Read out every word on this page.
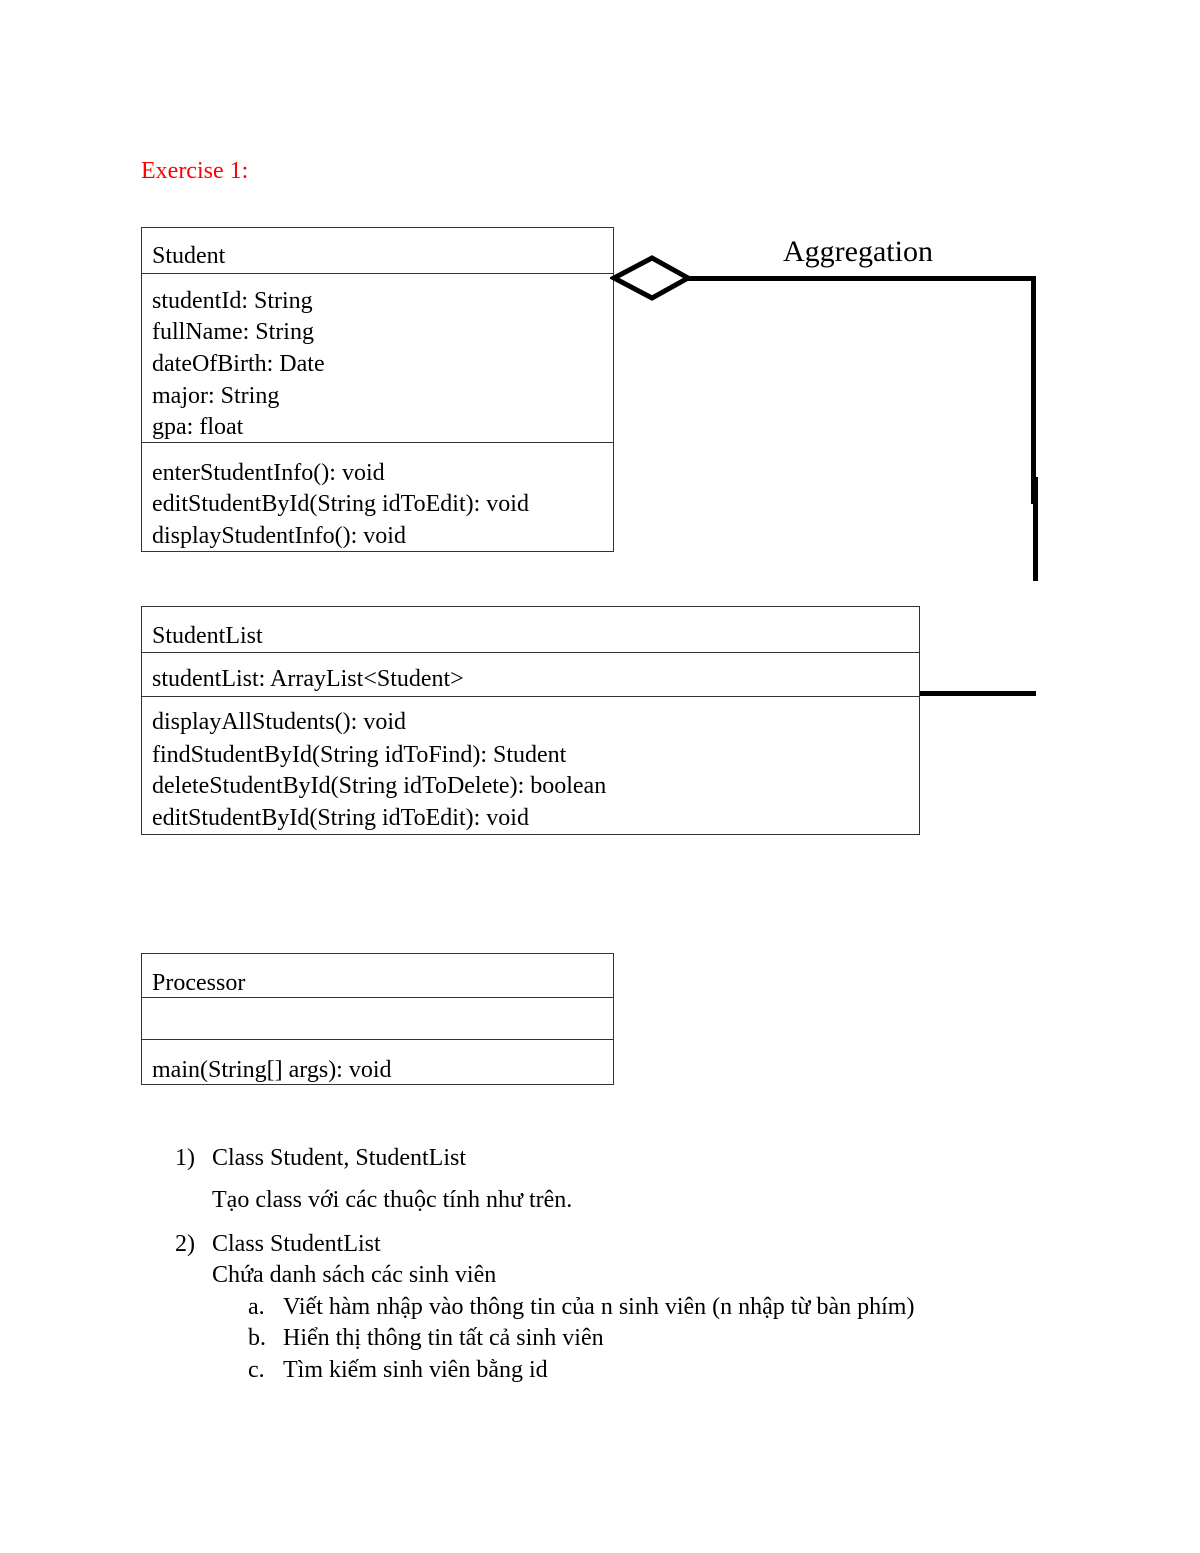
Exercise 1:
Student
studentId: String
fullName: String
dateOfBirth: Date
major: String
gpa: float
enterStudentInfo(): void
editStudentById(String idToEdit): void
displayStudentInfo(): void
Aggregation
StudentList
studentList: ArrayList<Student>
displayAllStudents(): void
findStudentById(String idToFind): Student
deleteStudentById(String idToDelete): boolean
editStudentById(String idToEdit): void
Processor
main(String[] args): void
1) Class Student, StudentList
Tạo class với các thuộc tính như trên.
2) Class StudentList
Chứa danh sách các sinh viên
a. Viết hàm nhập vào thông tin của n sinh viên (n nhập từ bàn phím)
b. Hiển thị thông tin tất cả sinh viên
c. Tìm kiếm sinh viên bằng id
